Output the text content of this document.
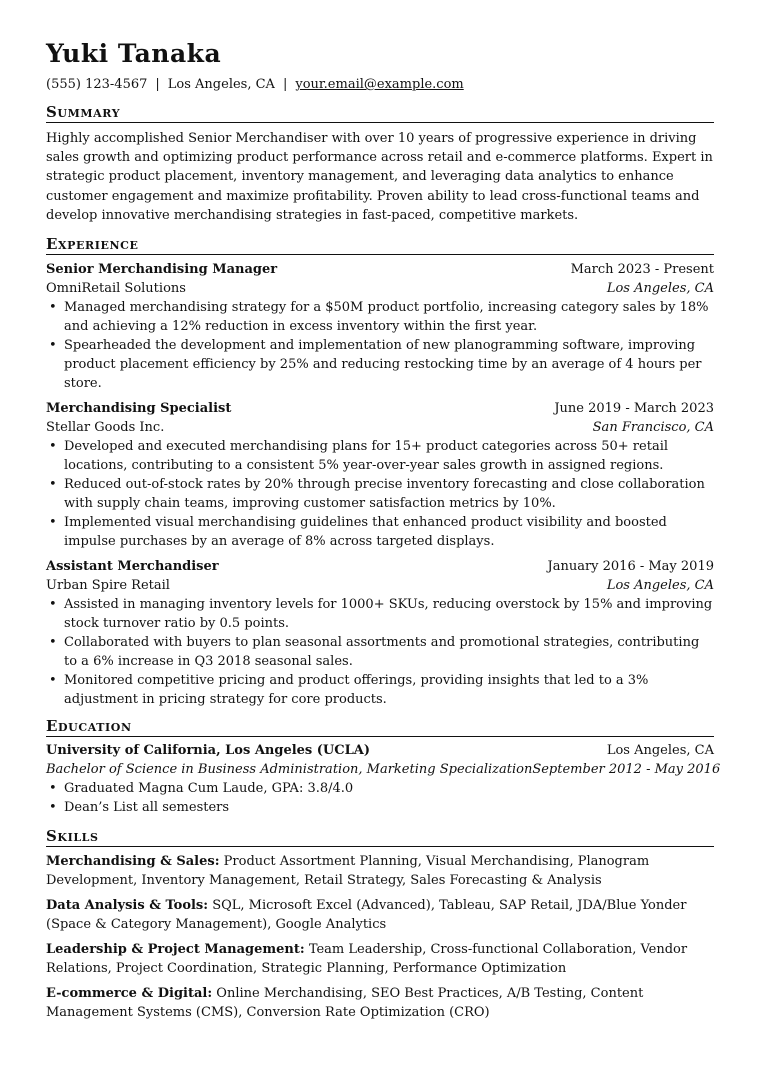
Yuki Tanaka
(555) 123-4567 | Los Angeles, CA | your.email@example.com
Summary
Highly accomplished Senior Merchandiser with over 10 years of progressive experience in driving sales growth and optimizing product performance across retail and e-commerce platforms. Expert in strategic product placement, inventory management, and leveraging data analytics to enhance customer engagement and maximize profitability. Proven ability to lead cross-functional teams and develop innovative merchandising strategies in fast-paced, competitive markets.
Experience
Senior Merchandising Manager	March 2023 - Present
OmniRetail Solutions	Los Angeles, CA
• Managed merchandising strategy for a $50M product portfolio, increasing category sales by 18% and achieving a 12% reduction in excess inventory within the first year.
• Spearheaded the development and implementation of new planogramming software, improving product placement efficiency by 25% and reducing restocking time by an average of 4 hours per store.
Merchandising Specialist	June 2019 - March 2023
Stellar Goods Inc.	San Francisco, CA
• Developed and executed merchandising plans for 15+ product categories across 50+ retail locations, contributing to a consistent 5% year-over-year sales growth in assigned regions.
• Reduced out-of-stock rates by 20% through precise inventory forecasting and close collaboration with supply chain teams, improving customer satisfaction metrics by 10%.
• Implemented visual merchandising guidelines that enhanced product visibility and boosted impulse purchases by an average of 8% across targeted displays.
Assistant Merchandiser	January 2016 - May 2019
Urban Spire Retail	Los Angeles, CA
• Assisted in managing inventory levels for 1000+ SKUs, reducing overstock by 15% and improving stock turnover ratio by 0.5 points.
• Collaborated with buyers to plan seasonal assortments and promotional strategies, contributing to a 6% increase in Q3 2018 seasonal sales.
• Monitored competitive pricing and product offerings, providing insights that led to a 3% adjustment in pricing strategy for core products.
Education
University of California, Los Angeles (UCLA)	Los Angeles, CA
Bachelor of Science in Business Administration, Marketing Specialization September 2012 - May 2016
• Graduated Magna Cum Laude, GPA: 3.8/4.0
• Dean’s List all semesters
Skills
Merchandising & Sales: Product Assortment Planning, Visual Merchandising, Planogram Development, Inventory Management, Retail Strategy, Sales Forecasting & Analysis
Data Analysis & Tools: SQL, Microsoft Excel (Advanced), Tableau, SAP Retail, JDA/Blue Yonder (Space & Category Management), Google Analytics
Leadership & Project Management: Team Leadership, Cross-functional Collaboration, Vendor Relations, Project Coordination, Strategic Planning, Performance Optimization
E-commerce & Digital: Online Merchandising, SEO Best Practices, A/B Testing, Content Management Systems (CMS), Conversion Rate Optimization (CRO)
